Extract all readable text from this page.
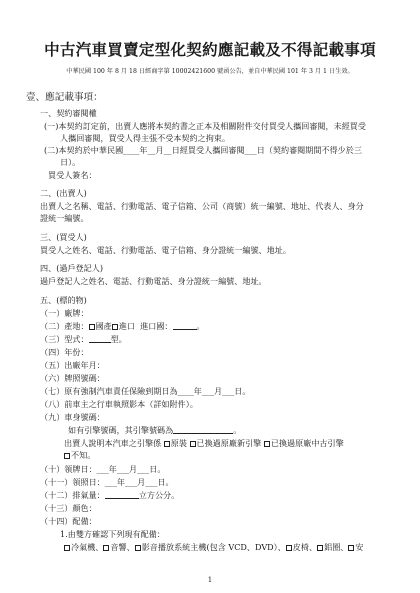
中古汽車買賣定型化契約應記載及不得記載事項
中華民國 100 年 8 月 18 日經商字第 10002421600 號函公告，並自中華民國 101 年 3 月 1 日生效。
壹、應記載事項：
一、契約審閱權
(一)本契約訂定前，出賣人應將本契約書之正本及相關附件交付買受人攜回審閱，未經買受
人攜回審閱，買受人得主張不受本契約之拘束。
(二)本契約於中華民國____年__月__日經買受人攜回審閱___日（契約審閱期間不得少於三
日）。
買受人簽名：
二、(出賣人)
出賣人之名稱、電話、行動電話、電子信箱、公司（商號）統一編號、地址、代表人、身分
證統一編號。
三、(買受人)
買受人之姓名、電話、行動電話、電子信箱、身分證統一編號、地址。
四、(過戶登記人)
過戶登記人之姓名、電話、行動電話、身分證統一編號、地址。
五、(標的物)
（一）廠牌：
（二）產地： 國產 進口 進口國：	。
（三）型式：	型。
（四）年份：
（五）出廠年月：
（六）牌照號碼：
（七）原有強制汽車責任保險到期日為____年___月___日。
（八）前車主之行車執照影本（詳如附件）。
（九）車身號碼：
如有引擎號碼，其引擎號碼為	。
出賣人說明本汽車之引擎係 原裝 已換過原廠新引擎 已換過原廠中古引擎
不知。
（十）領牌日：___年___月___日。
（十一）領照日：___年___月___日。
（十二）排氣量：	立方公分。
（十三）顏色：
（十四）配備：
1.由雙方確認下列現有配備：
冷氣機、 音響、 影音播放系統主機(包含 VCD、DVD）、 皮椅、 鋁圈、 安
1
